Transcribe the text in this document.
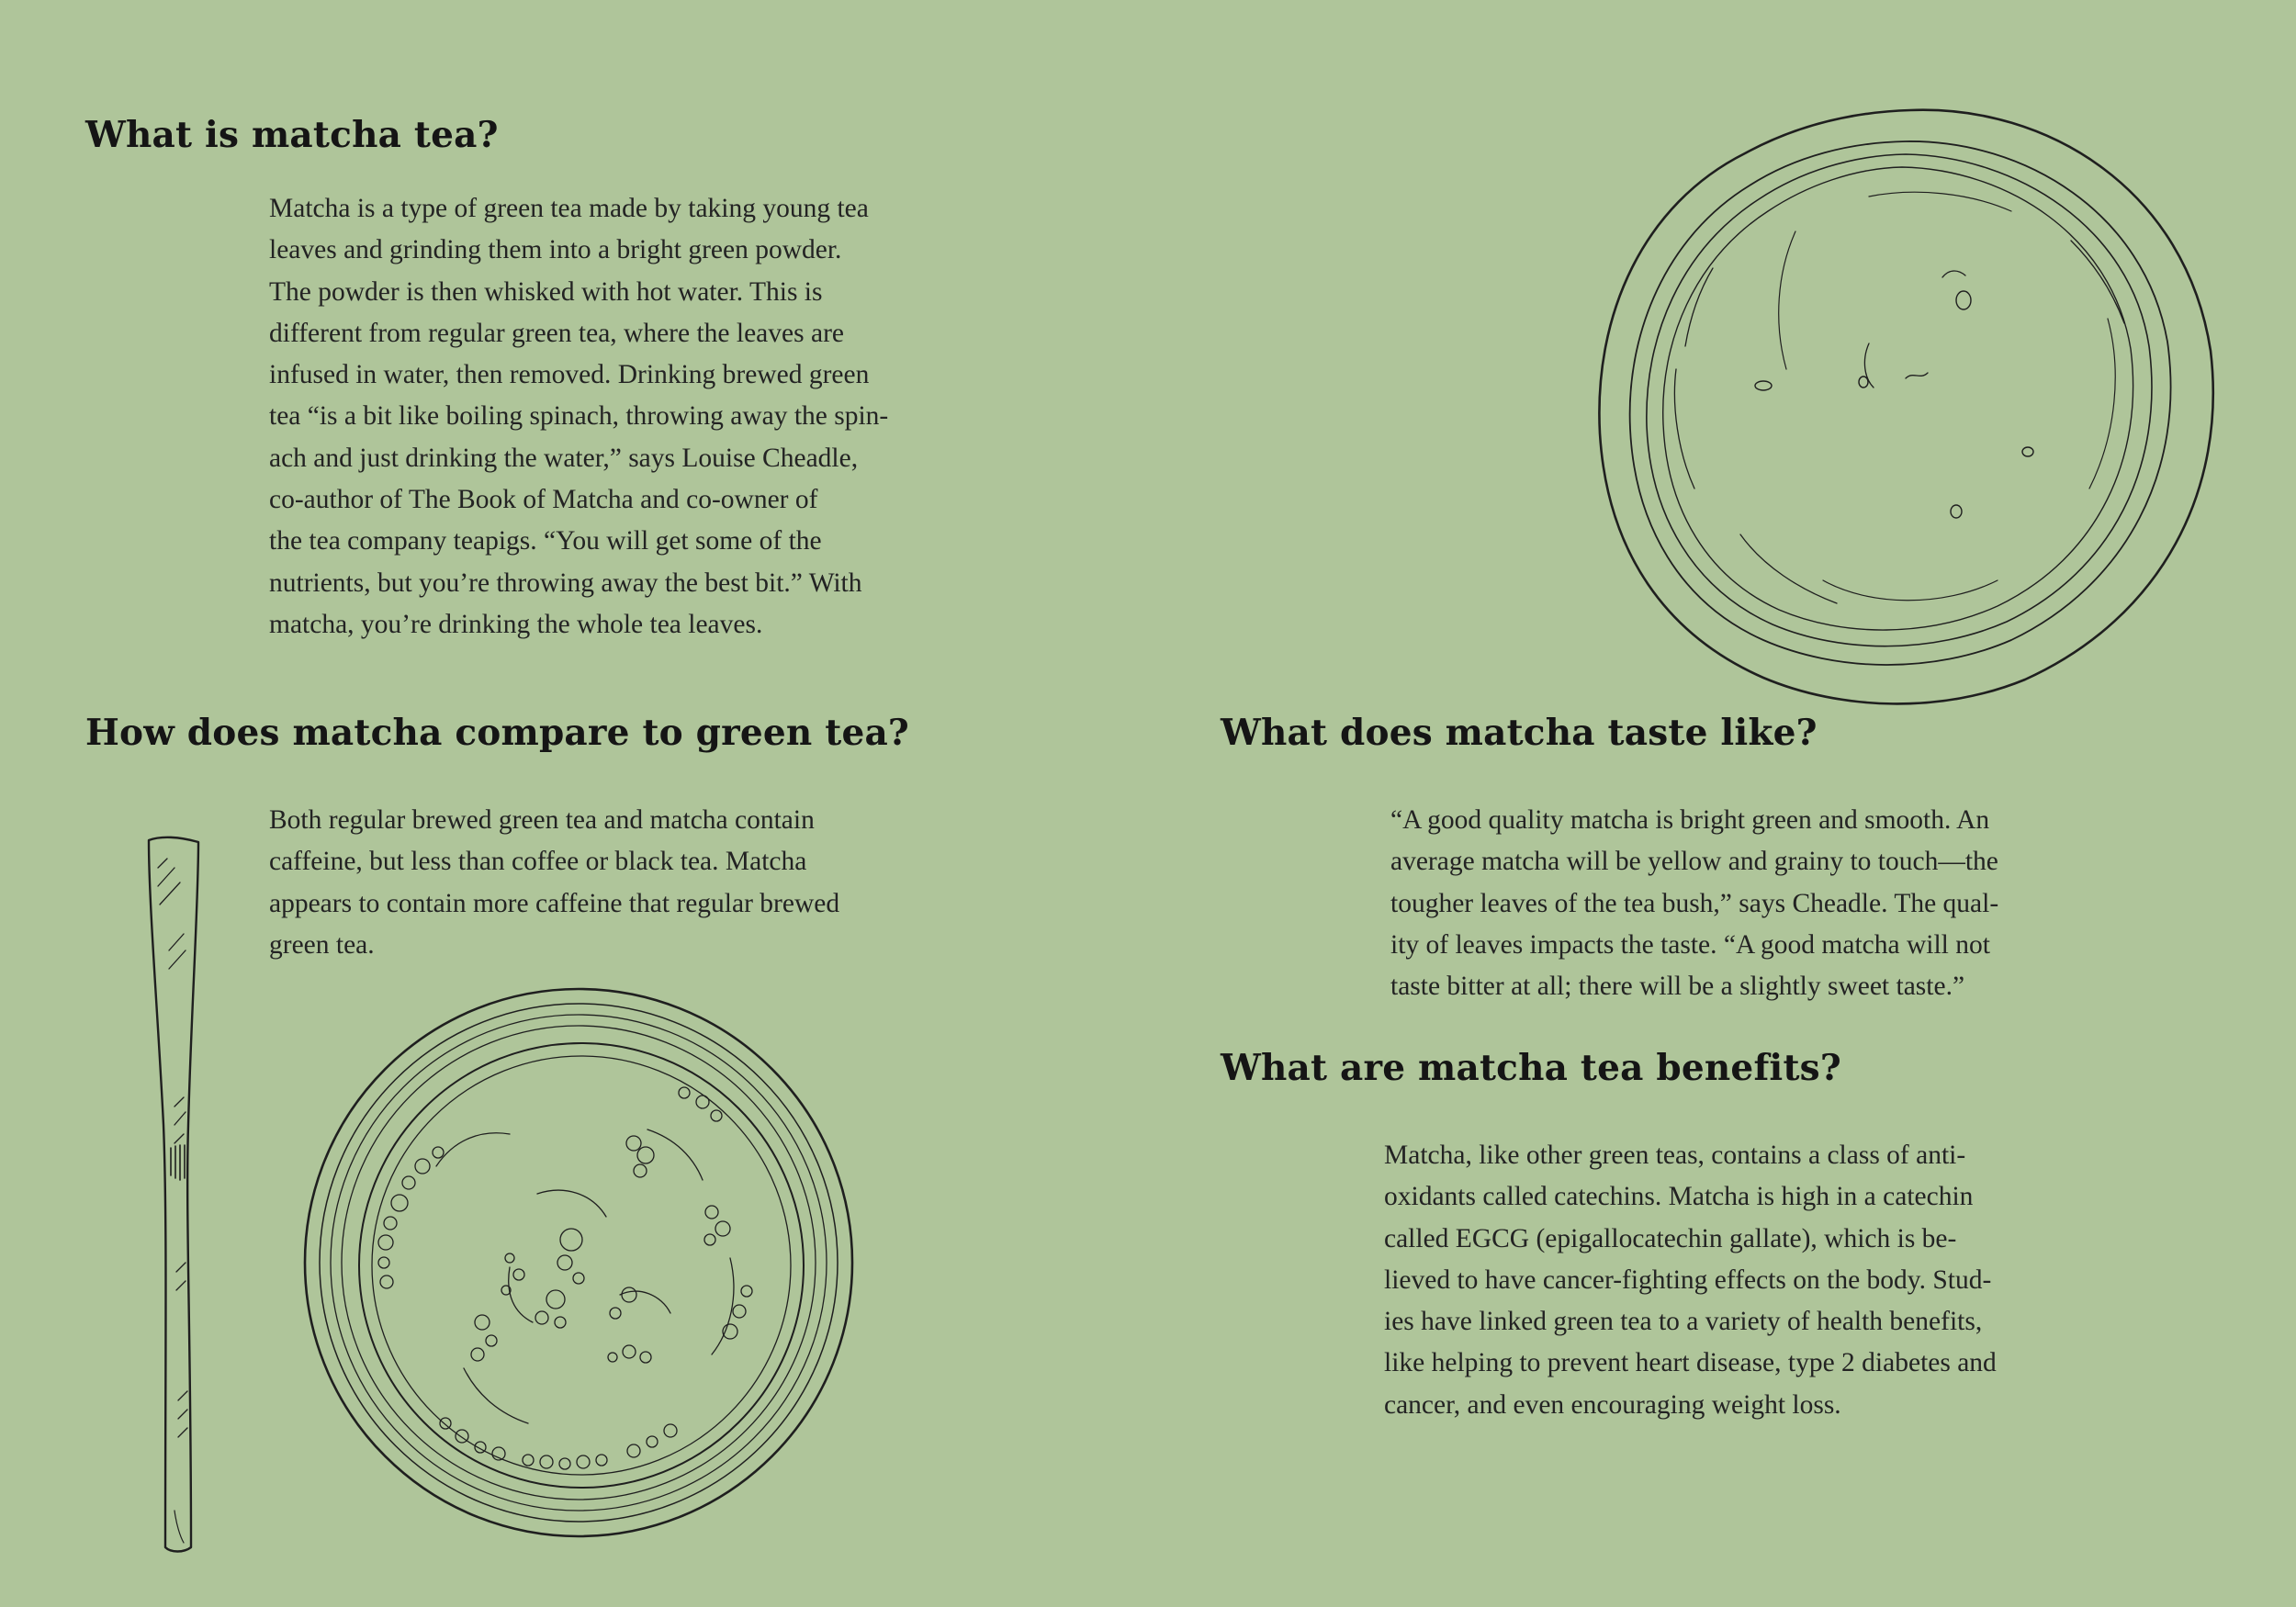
What is matcha tea?
Matcha is a type of green tea made by taking young tea
leaves and grinding them into a bright green powder.
The powder is then whisked with hot water. This is
different from regular green tea, where the leaves are
infused in water, then removed. Drinking brewed green
tea “is a bit like boiling spinach, throwing away the spin-
ach and just drinking the water,” says Louise Cheadle,
co-author of The Book of Matcha and co-owner of
the tea company teapigs. “You will get some of the
nutrients, but you’re throwing away the best bit.” With
matcha, you’re drinking the whole tea leaves.
How does matcha compare to green tea?
Both regular brewed green tea and matcha contain
caffeine, but less than coffee or black tea. Matcha
appears to contain more caffeine that regular brewed
green tea.
What does matcha taste like?
“A good quality matcha is bright green and smooth. An
average matcha will be yellow and grainy to touch—the
tougher leaves of the tea bush,” says Cheadle. The qual-
ity of leaves impacts the taste. “A good matcha will not
taste bitter at all; there will be a slightly sweet taste.”
What are matcha tea benefits?
Matcha, like other green teas, contains a class of anti-
oxidants called catechins. Matcha is high in a catechin
called EGCG (epigallocatechin gallate), which is be-
lieved to have cancer-fighting effects on the body. Stud-
ies have linked green tea to a variety of health benefits,
like helping to prevent heart disease, type 2 diabetes and
cancer, and even encouraging weight loss.
